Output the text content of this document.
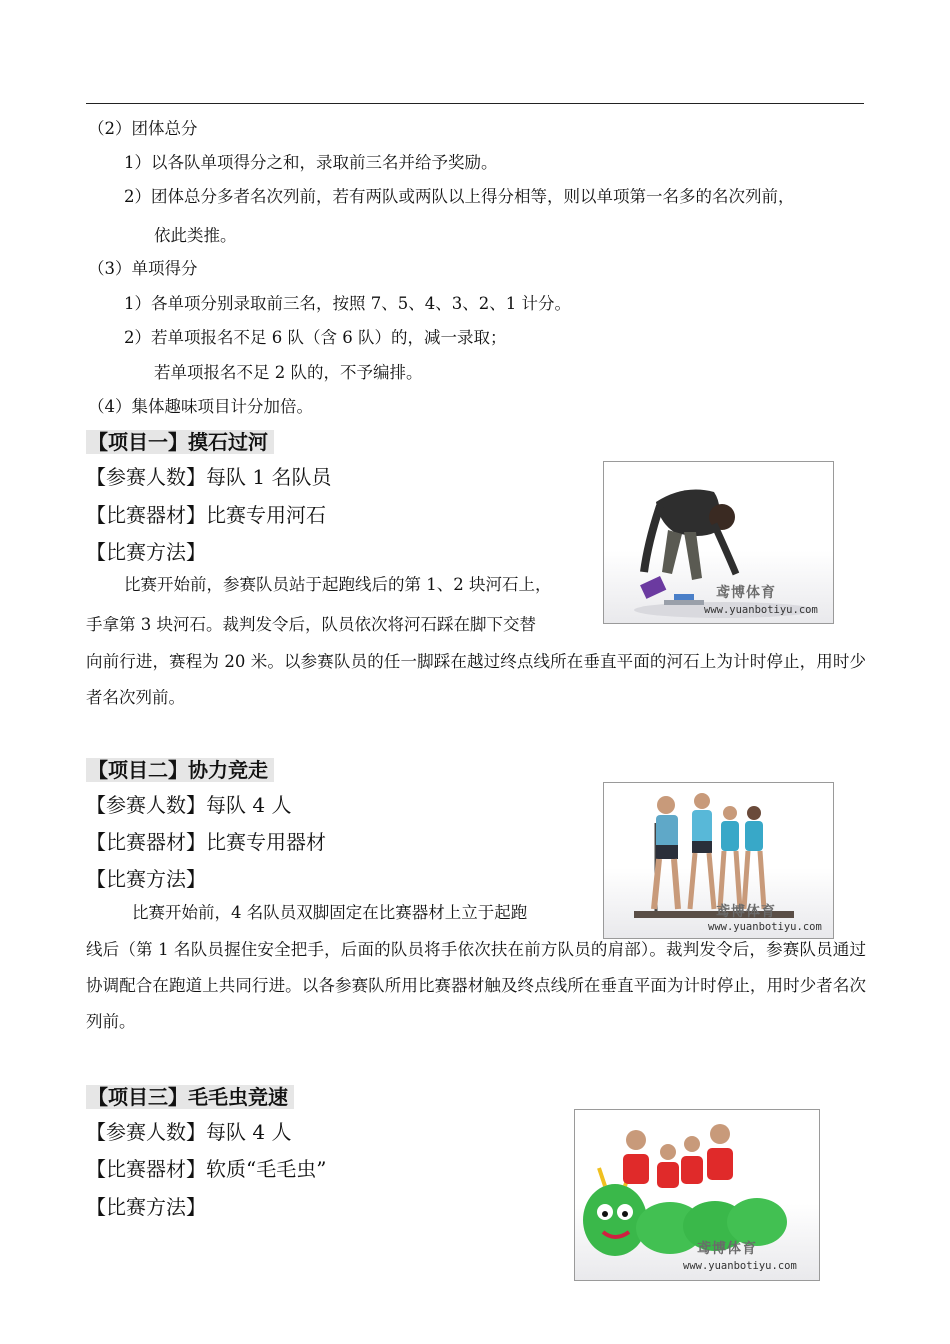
（2）团体总分
1）以各队单项得分之和，录取前三名并给予奖励。
2）团体总分多者名次列前，若有两队或两队以上得分相等，则以单项第一名多的名次列前，
依此类推。
（3）单项得分
1）各单项分别录取前三名，按照 7、5、4、3、2、1 计分。
2）若单项报名不足 6 队（含 6 队）的，减一录取；
若单项报名不足 2 队的，不予编排。
（4）集体趣味项目计分加倍。
【项目一】摸石过河
【参赛人数】每队 1 名队员
【比赛器材】比赛专用河石
【比赛方法】
比赛开始前，参赛队员站于起跑线后的第 1、2 块河石上，
手拿第 3 块河石。裁判发令后，队员依次将河石踩在脚下交替
向前行进，赛程为 20 米。以参赛队员的任一脚踩在越过终点线所在垂直平面的河石上为计时停止，用时少者名次列前。
鸢博体育
www.yuanbotiyu.com
【项目二】协力竞走
【参赛人数】每队 4 人
【比赛器材】比赛专用器材
【比赛方法】
比赛开始前，4 名队员双脚固定在比赛器材上立于起跑
线后（第 1 名队员握住安全把手，后面的队员将手依次扶在前方队员的肩部）。裁判发令后，参赛队员通过协调配合在跑道上共同行进。以各参赛队所用比赛器材触及终点线所在垂直平面为计时停止，用时少者名次列前。
鸢博体育
www.yuanbotiyu.com
【项目三】毛毛虫竞速
【参赛人数】每队 4 人
【比赛器材】软质“毛毛虫”
【比赛方法】
鸢博体育
www.yuanbotiyu.com
